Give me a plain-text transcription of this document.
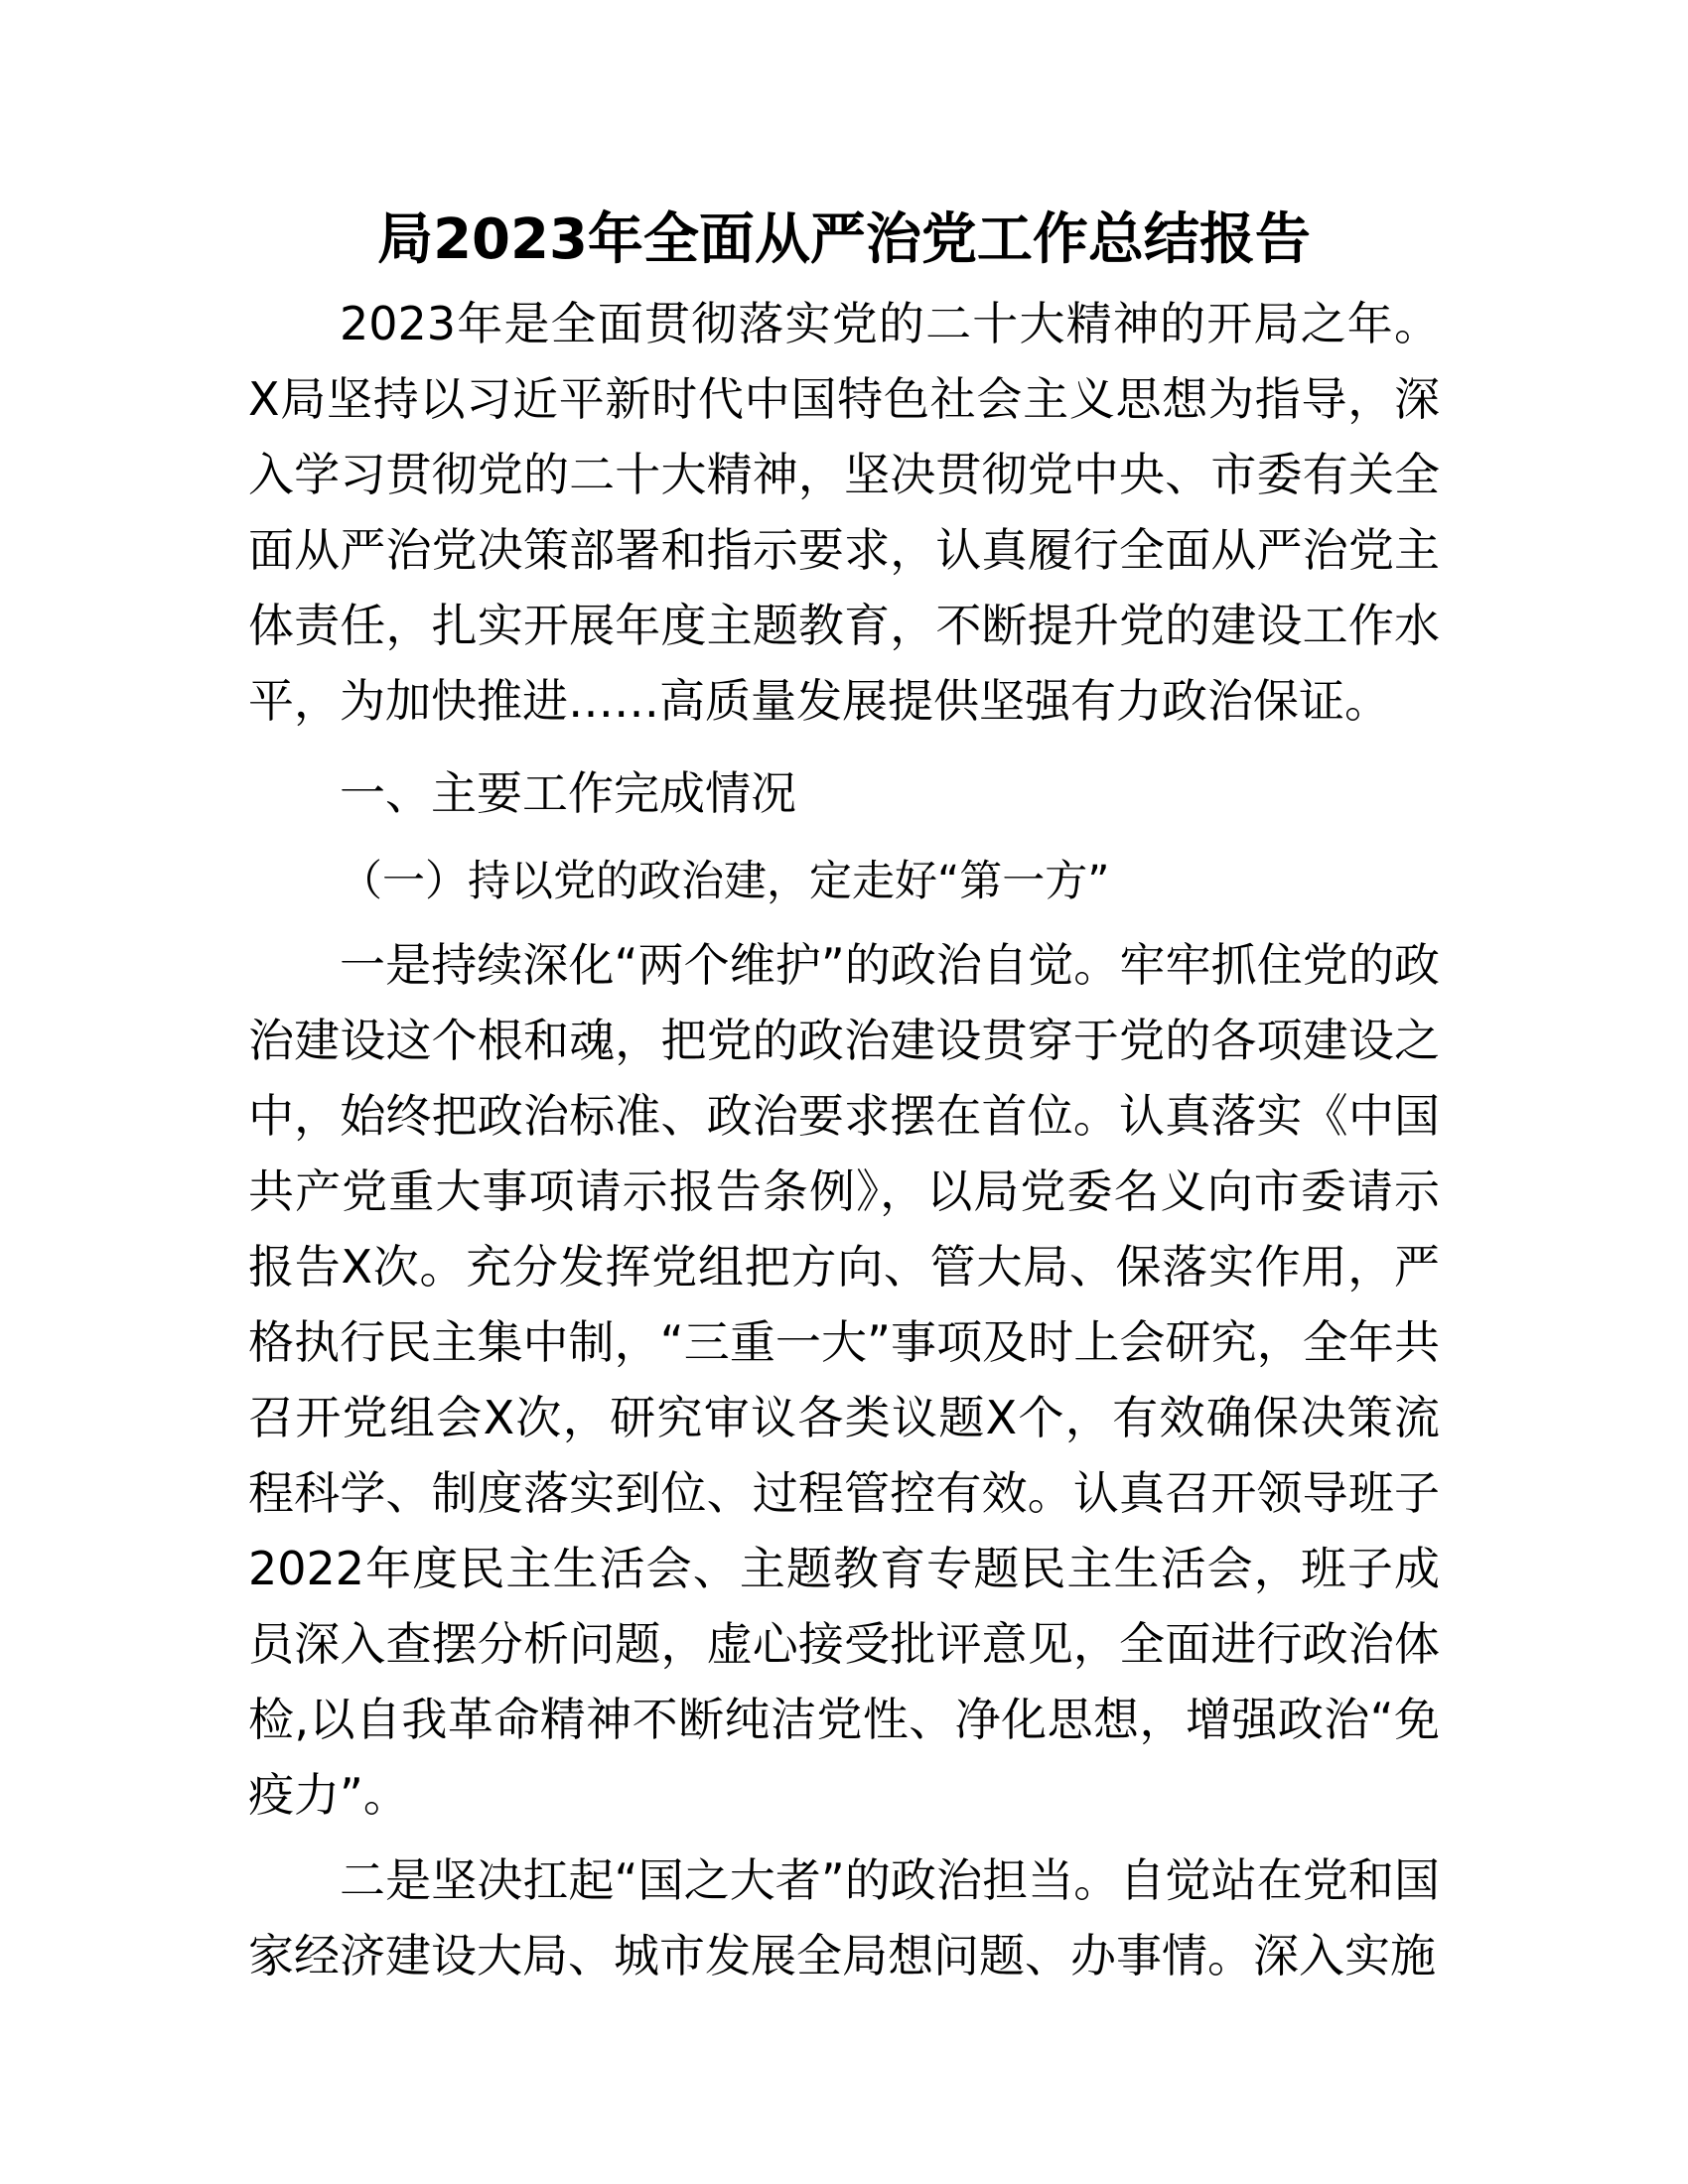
局2023年全面从严治党工作总结报告

2023年是全面贯彻落实党的二十大精神的开局之年。X局坚持以习近平新时代中国特色社会主义思想为指导，深入学习贯彻党的二十大精神，坚决贯彻党中央、市委有关全面从严治党决策部署和指示要求，认真履行全面从严治党主体责任，扎实开展年度主题教育，不断提升党的建设工作水平，为加快推进……高质量发展提供坚强有力政治保证。

一、主要工作完成情况

（一）持以党的政治建，定走好“第一方”

一是持续深化“两个维护”的政治自觉。牢牢抓住党的政治建设这个根和魂，把党的政治建设贯穿于党的各项建设之中，始终把政治标准、政治要求摆在首位。认真落实《中国共产党重大事项请示报告条例》，以局党委名义向市委请示报告X次。充分发挥党组把方向、管大局、保落实作用，严格执行民主集中制，“三重一大”事项及时上会研究，全年共召开党组会X次，研究审议各类议题X个，有效确保决策流程科学、制度落实到位、过程管控有效。认真召开领导班子2022年度民主生活会、主题教育专题民主生活会，班子成员深入查摆分析问题，虚心接受批评意见，全面进行政治体检,以自我革命精神不断纯洁党性、净化思想，增强政治“免疫力”。

二是坚决扛起“国之大者”的政治担当。自觉站在党和国家经济建设大局、城市发展全局想问题、办事情。深入实施
